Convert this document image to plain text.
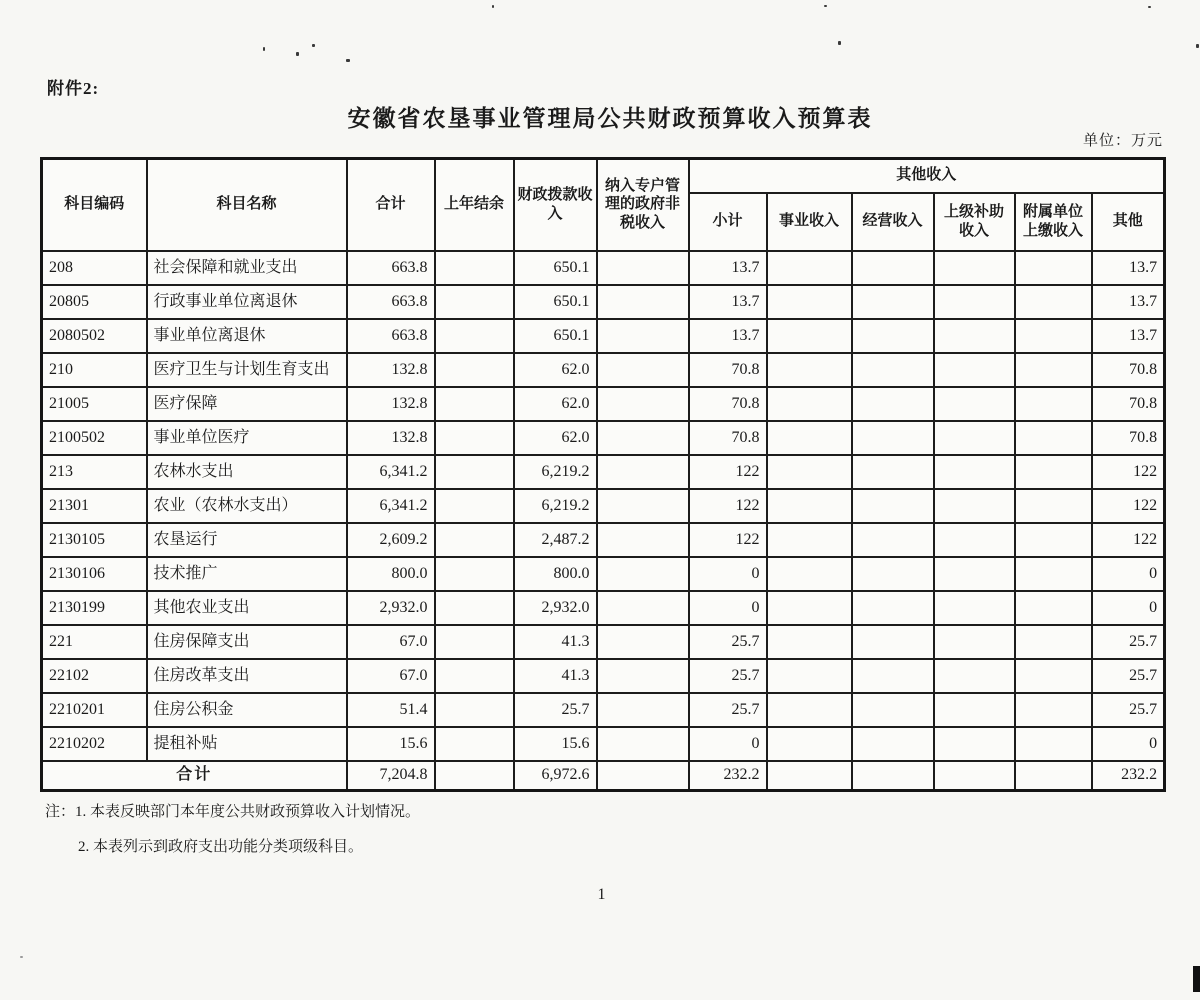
附件2:
安徽省农垦事业管理局公共财政预算收入预算表
单位：万元
科目编码	科目名称	合计	上年结余	财政拨款收入	纳入专户管理的政府非税收入	其他收入					
						小计	事业收入	经营收入	上级补助收入	附属单位上缴收入	其他
208	社会保障和就业支出	663.8		650.1		13.7					13.7
20805	行政事业单位离退休	663.8		650.1		13.7					13.7
2080502	事业单位离退休	663.8		650.1		13.7					13.7
210	医疗卫生与计划生育支出	132.8		62.0		70.8					70.8
21005	医疗保障	132.8		62.0		70.8					70.8
2100502	事业单位医疗	132.8		62.0		70.8					70.8
213	农林水支出	6,341.2		6,219.2		122					122
21301	农业（农林水支出）	6,341.2		6,219.2		122					122
2130105	农垦运行	2,609.2		2,487.2		122					122
2130106	技术推广	800.0		800.0		0					0
2130199	其他农业支出	2,932.0		2,932.0		0					0
221	住房保障支出	67.0		41.3		25.7					25.7
22102	住房改革支出	67.0		41.3		25.7					25.7
2210201	住房公积金	51.4		25.7		25.7					25.7
2210202	提租补贴	15.6		15.6		0					0
合计		7,204.8		6,972.6		232.2					232.2
注：1. 本表反映部门本年度公共财政预算收入计划情况。
2. 本表列示到政府支出功能分类项级科目。
1
